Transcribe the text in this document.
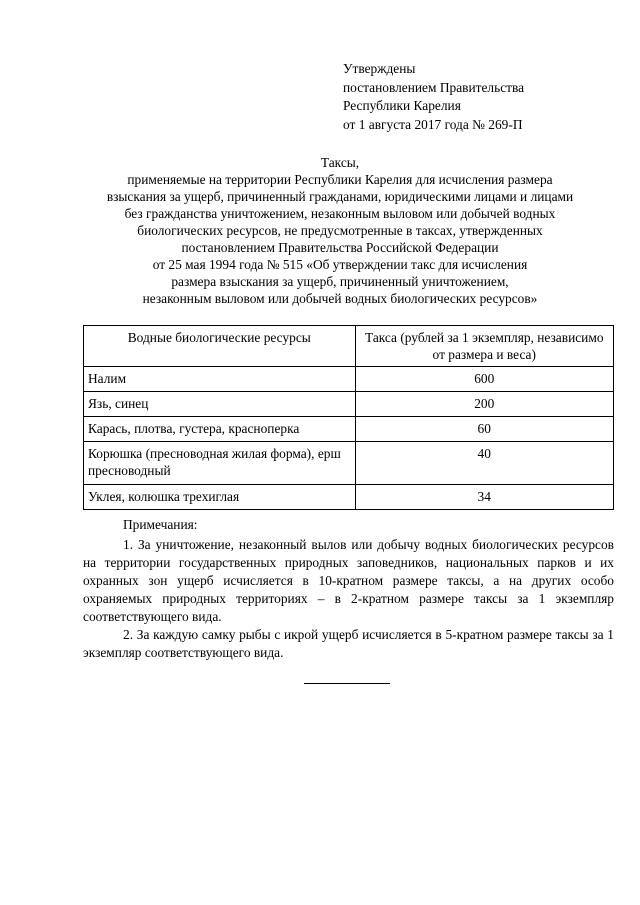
Утверждены
постановлением Правительства
Республики Карелия
от 1 августа 2017 года № 269-П
Таксы,
применяемые на территории Республики Карелия для исчисления размера
взыскания за ущерб, причиненный гражданами, юридическими лицами и лицами
без гражданства уничтожением, незаконным выловом или добычей водных
биологических ресурсов, не предусмотренные в таксах, утвержденных
постановлением Правительства Российской Федерации
от 25 мая 1994 года № 515 «Об утверждении такс для исчисления
размера взыскания за ущерб, причиненный уничтожением,
незаконным выловом или добычей водных биологических ресурсов»
Водные биологические ресурсы	Такса (рублей за 1 экземпляр, независимо от размера и веса)
Налим	600
Язь, синец	200
Карась, плотва, густера, красноперка	60
Корюшка (пресноводная жилая форма), ерш пресноводный	40
Уклея, колюшка трехиглая	34

Примечания:

1. За уничтожение, незаконный вылов или добычу водных биологических ресурсов на территории государственных природных заповедников, национальных парков и их охранных зон ущерб исчисляется в 10-кратном размере таксы, а на других особо охраняемых природных территориях – в 2-кратном размере таксы за 1 экземпляр соответствующего вида.

2. За каждую самку рыбы с икрой ущерб исчисляется в 5-кратном размере таксы за 1 экземпляр соответствующего вида.
